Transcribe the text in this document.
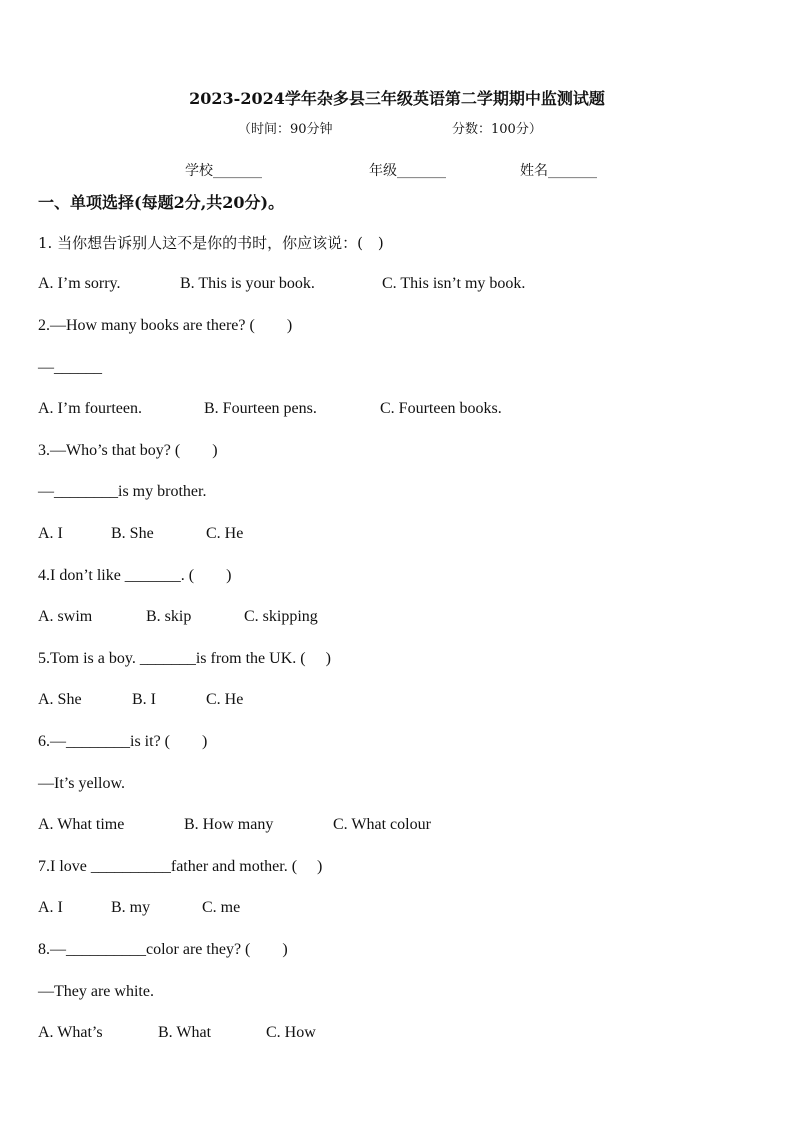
2023-2024学年杂多县三年级英语第二学期期中监测试题
（时间：90分钟	分数：100分）
学校_______	年级_______	姓名_______
一、单项选择(每题2分,共20分)。
1. 当你想告诉别人这不是你的书时，你应该说：(　)
A. I’m sorry.	B. This is your book.	C. This isn’t my book.
2.—How many books are there? (　　)
—______
A. I’m fourteen.	B. Fourteen pens.	C. Fourteen books.
3.—Who’s that boy? (　　)
—________is my brother.
A. I	B. She	C. He
4.I don’t like _______. (　　)
A. swim	B. skip	C. skipping
5.Tom is a boy. _______is from the UK. (　 )
A. She	B. I	C. He
6.—________is it? (　　)
—It’s yellow.
A. What time	B. How many	C. What colour
7.I love __________father and mother. (　 )
A. I	B. my	C. me
8.—__________color are they? (　　)
—They are white.
A. What’s	B. What	C. How
